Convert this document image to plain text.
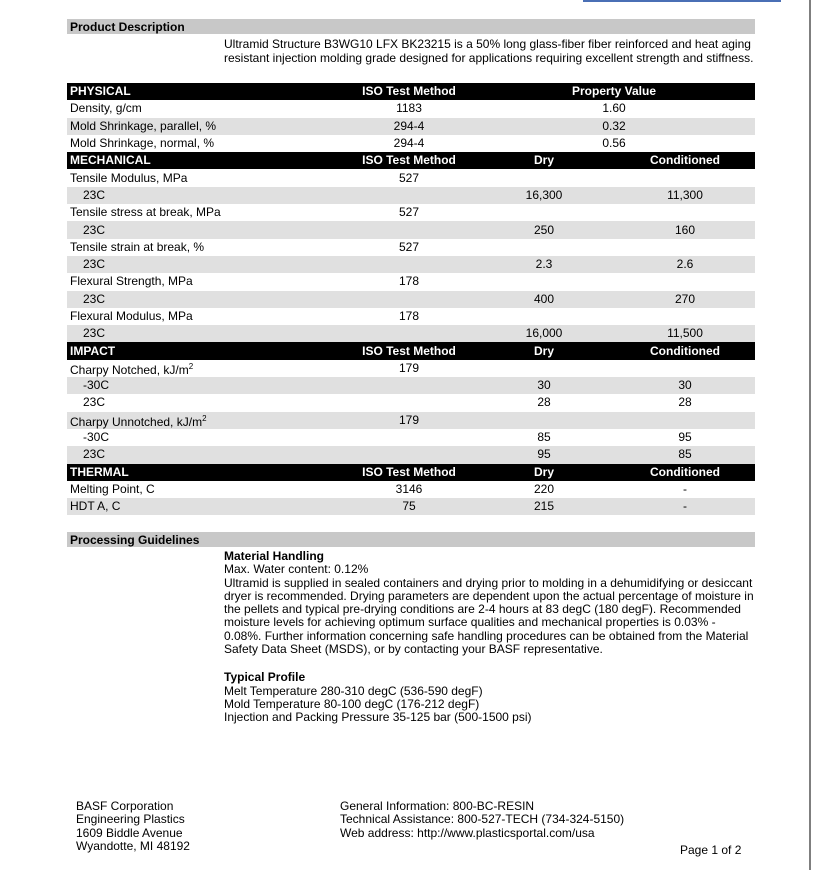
Product Description
Ultramid Structure B3WG10 LFX BK23215 is a 50% long glass-fiber fiber reinforced and heat aging
resistant injection molding grade designed for applications requiring excellent strength and stiffness.
PHYSICAL	ISO Test Method	Property Value	
Density, g/cm	1183	1.60	
Mold Shrinkage, parallel, %	294-4	0.32	
Mold Shrinkage, normal, %	294-4	0.56	
MECHANICAL	ISO Test Method	Dry	Conditioned
Tensile Modulus, MPa	527		
23C		16,300	11,300
Tensile stress at break, MPa	527		
23C		250	160
Tensile strain at break, %	527		
23C		2.3	2.6
Flexural Strength, MPa	178		
23C		400	270
Flexural Modulus, MPa	178		
23C		16,000	11,500
IMPACT	ISO Test Method	Dry	Conditioned
Charpy Notched, $kJ/m^2$	179		
-30C		30	30
23C		28	28
Charpy Unnotched, $kJ/m^2$	179		
-30C		85	95
23C		95	85
THERMAL	ISO Test Method	Dry	Conditioned
Melting Point, C	3146	220	-
HDT A, C	75	215	-
Processing Guidelines

Material Handling

Max. Water content: 0.12%

Ultramid is supplied in sealed containers and drying prior to molding in a dehumidifying or desiccant

dryer is recommended. Drying parameters are dependent upon the actual percentage of moisture in

the pellets and typical pre-drying conditions are 2-4 hours at 83 degC (180 degF). Recommended

moisture levels for achieving optimum surface qualities and mechanical properties is 0.03% -

0.08%. Further information concerning safe handling procedures can be obtained from the Material

Safety Data Sheet (MSDS), or by contacting your BASF representative.

Typical Profile

Melt Temperature 280-310 degC (536-590 degF)

Mold Temperature 80-100 degC (176-212 degF)

Injection and Packing Pressure 35-125 bar (500-1500 psi)

BASF Corporation
Engineering Plastics
1609 Biddle Avenue
Wyandotte, MI 48192
General Information: 800-BC-RESIN
Technical Assistance: 800-527-TECH (734-324-5150)
Web address: http://www.plasticsportal.com/usa
Page 1 of 2
